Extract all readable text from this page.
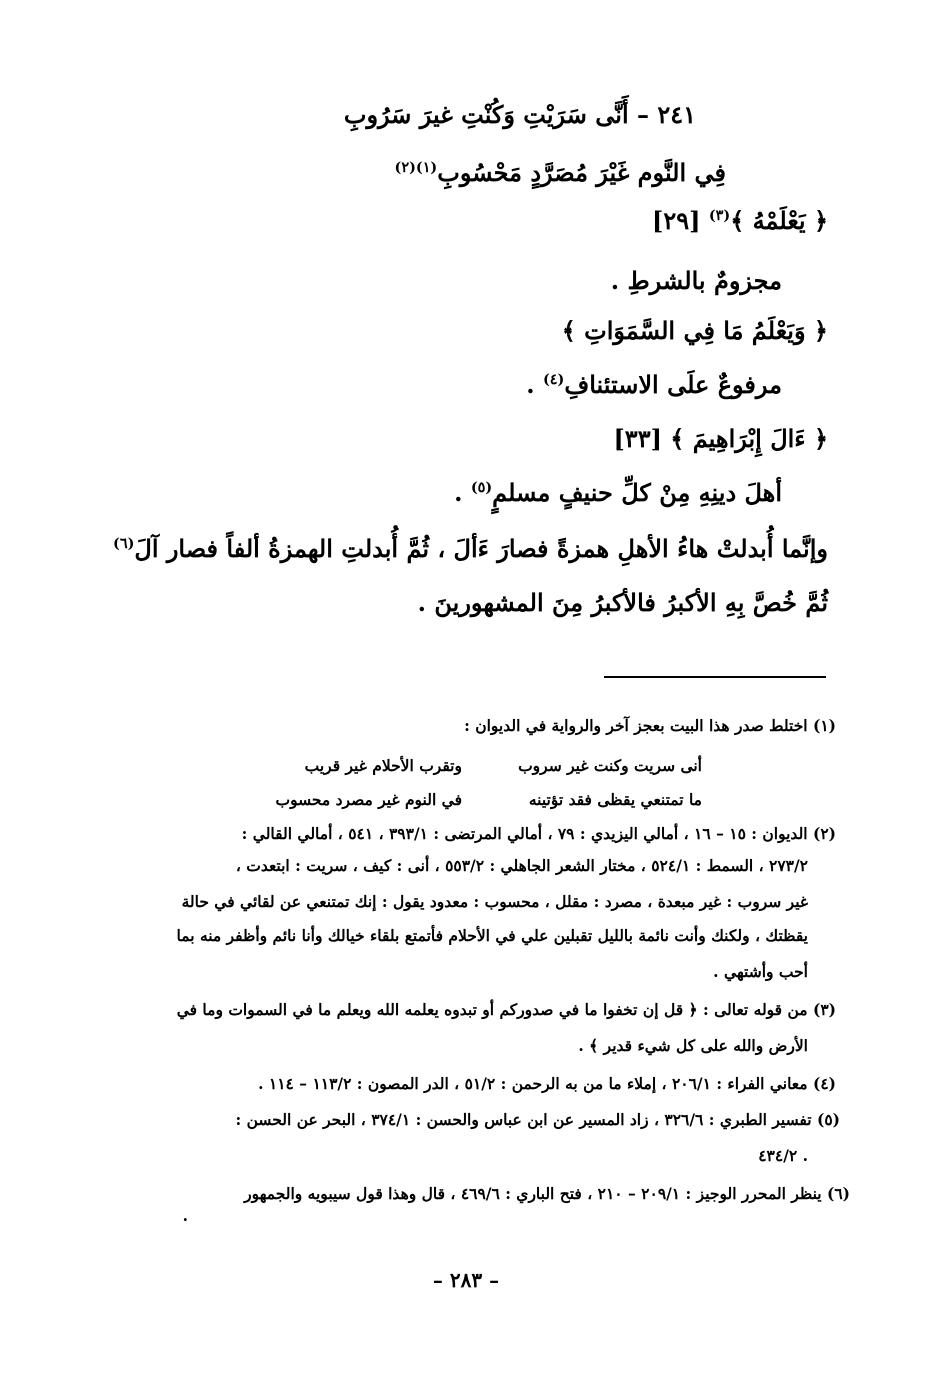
٢٤١ – أَنَّى سَرَيْتِ وَكُنْتِ غيرَ سَرُوبِ
فِي النَّوم غَيْرَ مُصَرَّدٍ مَحْسُوبِ$^{(١)(٢)}$
﴿ يَعْلَمْهُ ﴾$^{(٣)}$ [٢٩]
مجزومٌ بالشرطِ .
﴿ وَيَعْلَمُ مَا فِي السَّمَوَاتِ ﴾
مرفوعٌ علَى الاستئنافِ$^{(٤)}$ .
﴿ ءَالَ إِبْرَاهِيمَ ﴾ [٣٣]
أهلَ دينِهِ مِنْ كلِّ حنيفٍ مسلمٍ$^{(٥)}$ .
وإنَّما أُبدلتْ هاءُ الأهلِ همزةً فصارَ ءَألَ ، ثُمَّ أُبدلتِ الهمزةُ ألفاً فصار آلَ$^{(٦)}$
ثُمَّ خُصَّ بِهِ الأكبرُ فالأكبرُ مِنَ المشهورينَ .
(١) اختلط صدر هذا البيت بعجز آخر والرواية في الديوان :
أنى سريت وكنت غير سروب
وتقرب الأحلام غير قريب
ما تمتنعي يقظى فقد تؤتينه
في النوم غير مصرد محسوب
(٢) الديوان : ١٥ – ١٦ ، أمالي اليزيدي : ٧٩ ، أمالي المرتضى : ٣٩٣/١ ، ٥٤١ ، أمالي القالي :
٢٧٣/٢ ، السمط : ٥٢٤/١ ، مختار الشعر الجاهلي : ٥٥٣/٢ ، أنى : كيف ، سريت : ابتعدت ،
غير سروب : غير مبعدة ، مصرد : مقلل ، محسوب : معدود يقول : إنك تمتنعي عن لقائي في حالة
يقظتك ، ولكنك وأنت نائمة بالليل تقبلين علي في الأحلام فأتمتع بلقاء خيالك وأنا نائم وأظفر منه بما
أحب وأشتهي .
(٣) من قوله تعالى : ﴿ قل إن تخفوا ما في صدوركم أو تبدوه يعلمه الله ويعلم ما في السموات وما في
الأرض والله على كل شيء قدير ﴾ .
(٤) معاني الفراء : ٢٠٦/١ ، إملاء ما من به الرحمن : ٥١/٢ ، الدر المصون : ١١٣/٢ – ١١٤ .
(٥) تفسير الطبري : ٣٢٦/٦ ، زاد المسير عن ابن عباس والحسن : ٣٧٤/١ ، البحر عن الحسن :
٤٣٤/٢ .
(٦) ينظر المحرر الوجيز : ٢٠٩/١ – ٢١٠ ، فتح الباري : ٤٦٩/٦ ، قال وهذا قول سيبويه والجمهور
.
– ٢٨٣ –
